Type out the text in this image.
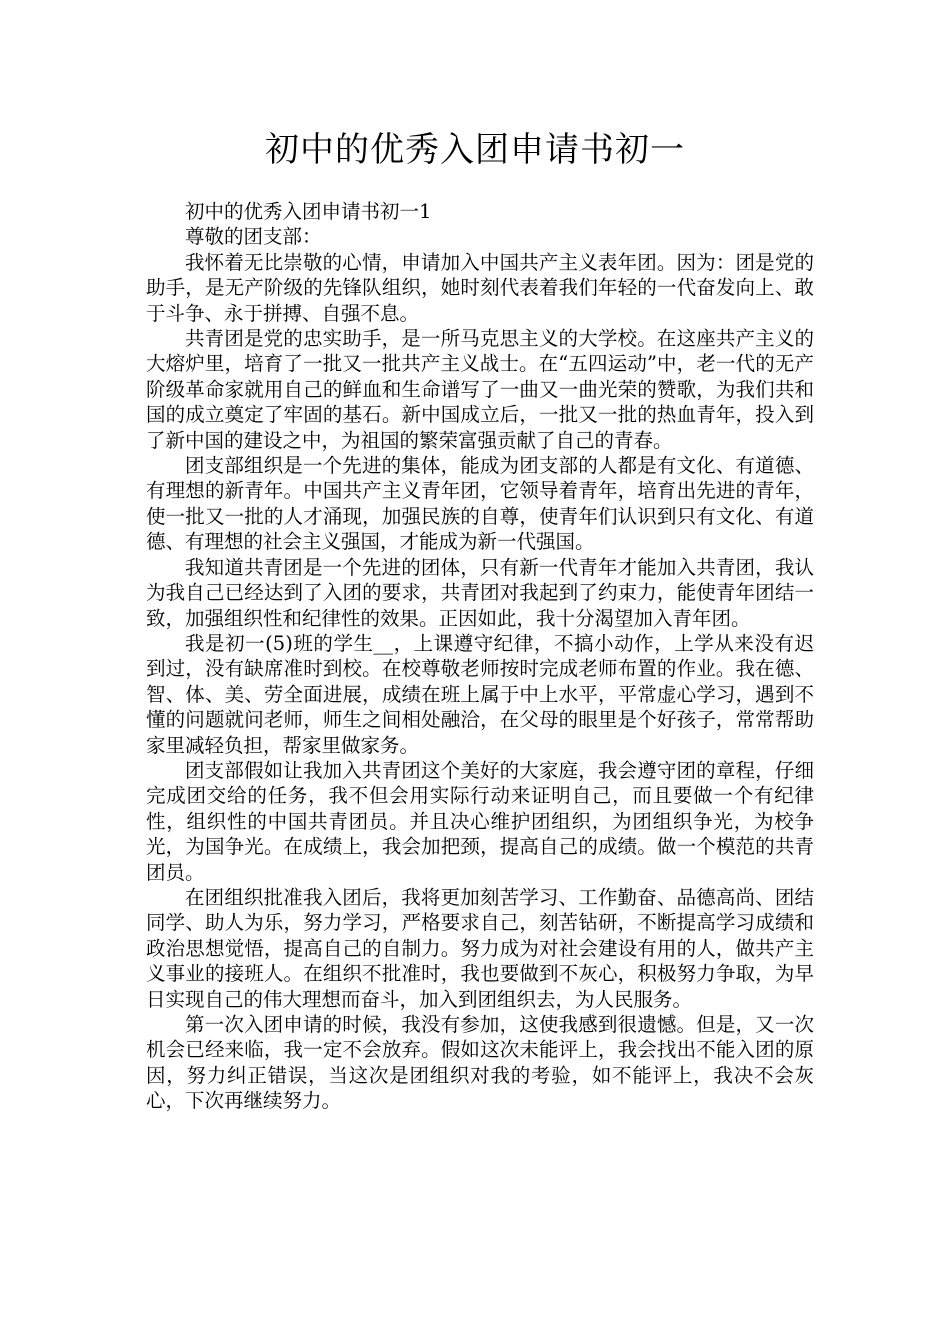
初中的优秀入团申请书初一

初中的优秀入团申请书初一1

尊敬的团支部：

我怀着无比崇敬的心情，申请加入中国共产主义表年团。因为：团是党的助手，是无产阶级的先锋队组织，她时刻代表着我们年轻的一代奋发向上、敢于斗争、永于拼搏、自强不息。

共青团是党的忠实助手，是一所马克思主义的大学校。在这座共产主义的大熔炉里，培育了一批又一批共产主义战士。在“五四运动”中，老一代的无产阶级革命家就用自己的鲜血和生命谱写了一曲又一曲光荣的赞歌，为我们共和国的成立奠定了牢固的基石。新中国成立后，一批又一批的热血青年，投入到了新中国的建设之中，为祖国的繁荣富强贡献了自己的青春。

团支部组织是一个先进的集体，能成为团支部的人都是有文化、有道德、有理想的新青年。中国共产主义青年团，它领导着青年，培育出先进的青年，使一批又一批的人才涌现，加强民族的自尊，使青年们认识到只有文化、有道德、有理想的社会主义强国，才能成为新一代强国。

我知道共青团是一个先进的团体，只有新一代青年才能加入共青团，我认为我自己已经达到了入团的要求，共青团对我起到了约束力，能使青年团结一致，加强组织性和纪律性的效果。正因如此，我十分渴望加入青年团。

我是初一(5)班的学生__，上课遵守纪律，不搞小动作，上学从来没有迟到过，没有缺席准时到校。在校尊敬老师按时完成老师布置的作业。我在德、智、体、美、劳全面进展，成绩在班上属于中上水平，平常虚心学习，遇到不懂的问题就问老师，师生之间相处融洽，在父母的眼里是个好孩子，常常帮助家里减轻负担，帮家里做家务。

团支部假如让我加入共青团这个美好的大家庭，我会遵守团的章程，仔细完成团交给的任务，我不但会用实际行动来证明自己，而且要做一个有纪律性，组织性的中国共青团员。并且决心维护团组织，为团组织争光，为校争光，为国争光。在成绩上，我会加把颈，提高自己的成绩。做一个模范的共青团员。

在团组织批准我入团后，我将更加刻苦学习、工作勤奋、品德高尚、团结同学、助人为乐，努力学习，严格要求自己，刻苦钻研，不断提高学习成绩和政治思想觉悟，提高自己的自制力。努力成为对社会建设有用的人，做共产主义事业的接班人。在组织不批准时，我也要做到不灰心，积极努力争取，为早日实现自己的伟大理想而奋斗，加入到团组织去，为人民服务。

第一次入团申请的时候，我没有参加，这使我感到很遗憾。但是，又一次机会已经来临，我一定不会放弃。假如这次未能评上，我会找出不能入团的原因，努力纠正错误，当这次是团组织对我的考验，如不能评上，我决不会灰心，下次再继续努力。
